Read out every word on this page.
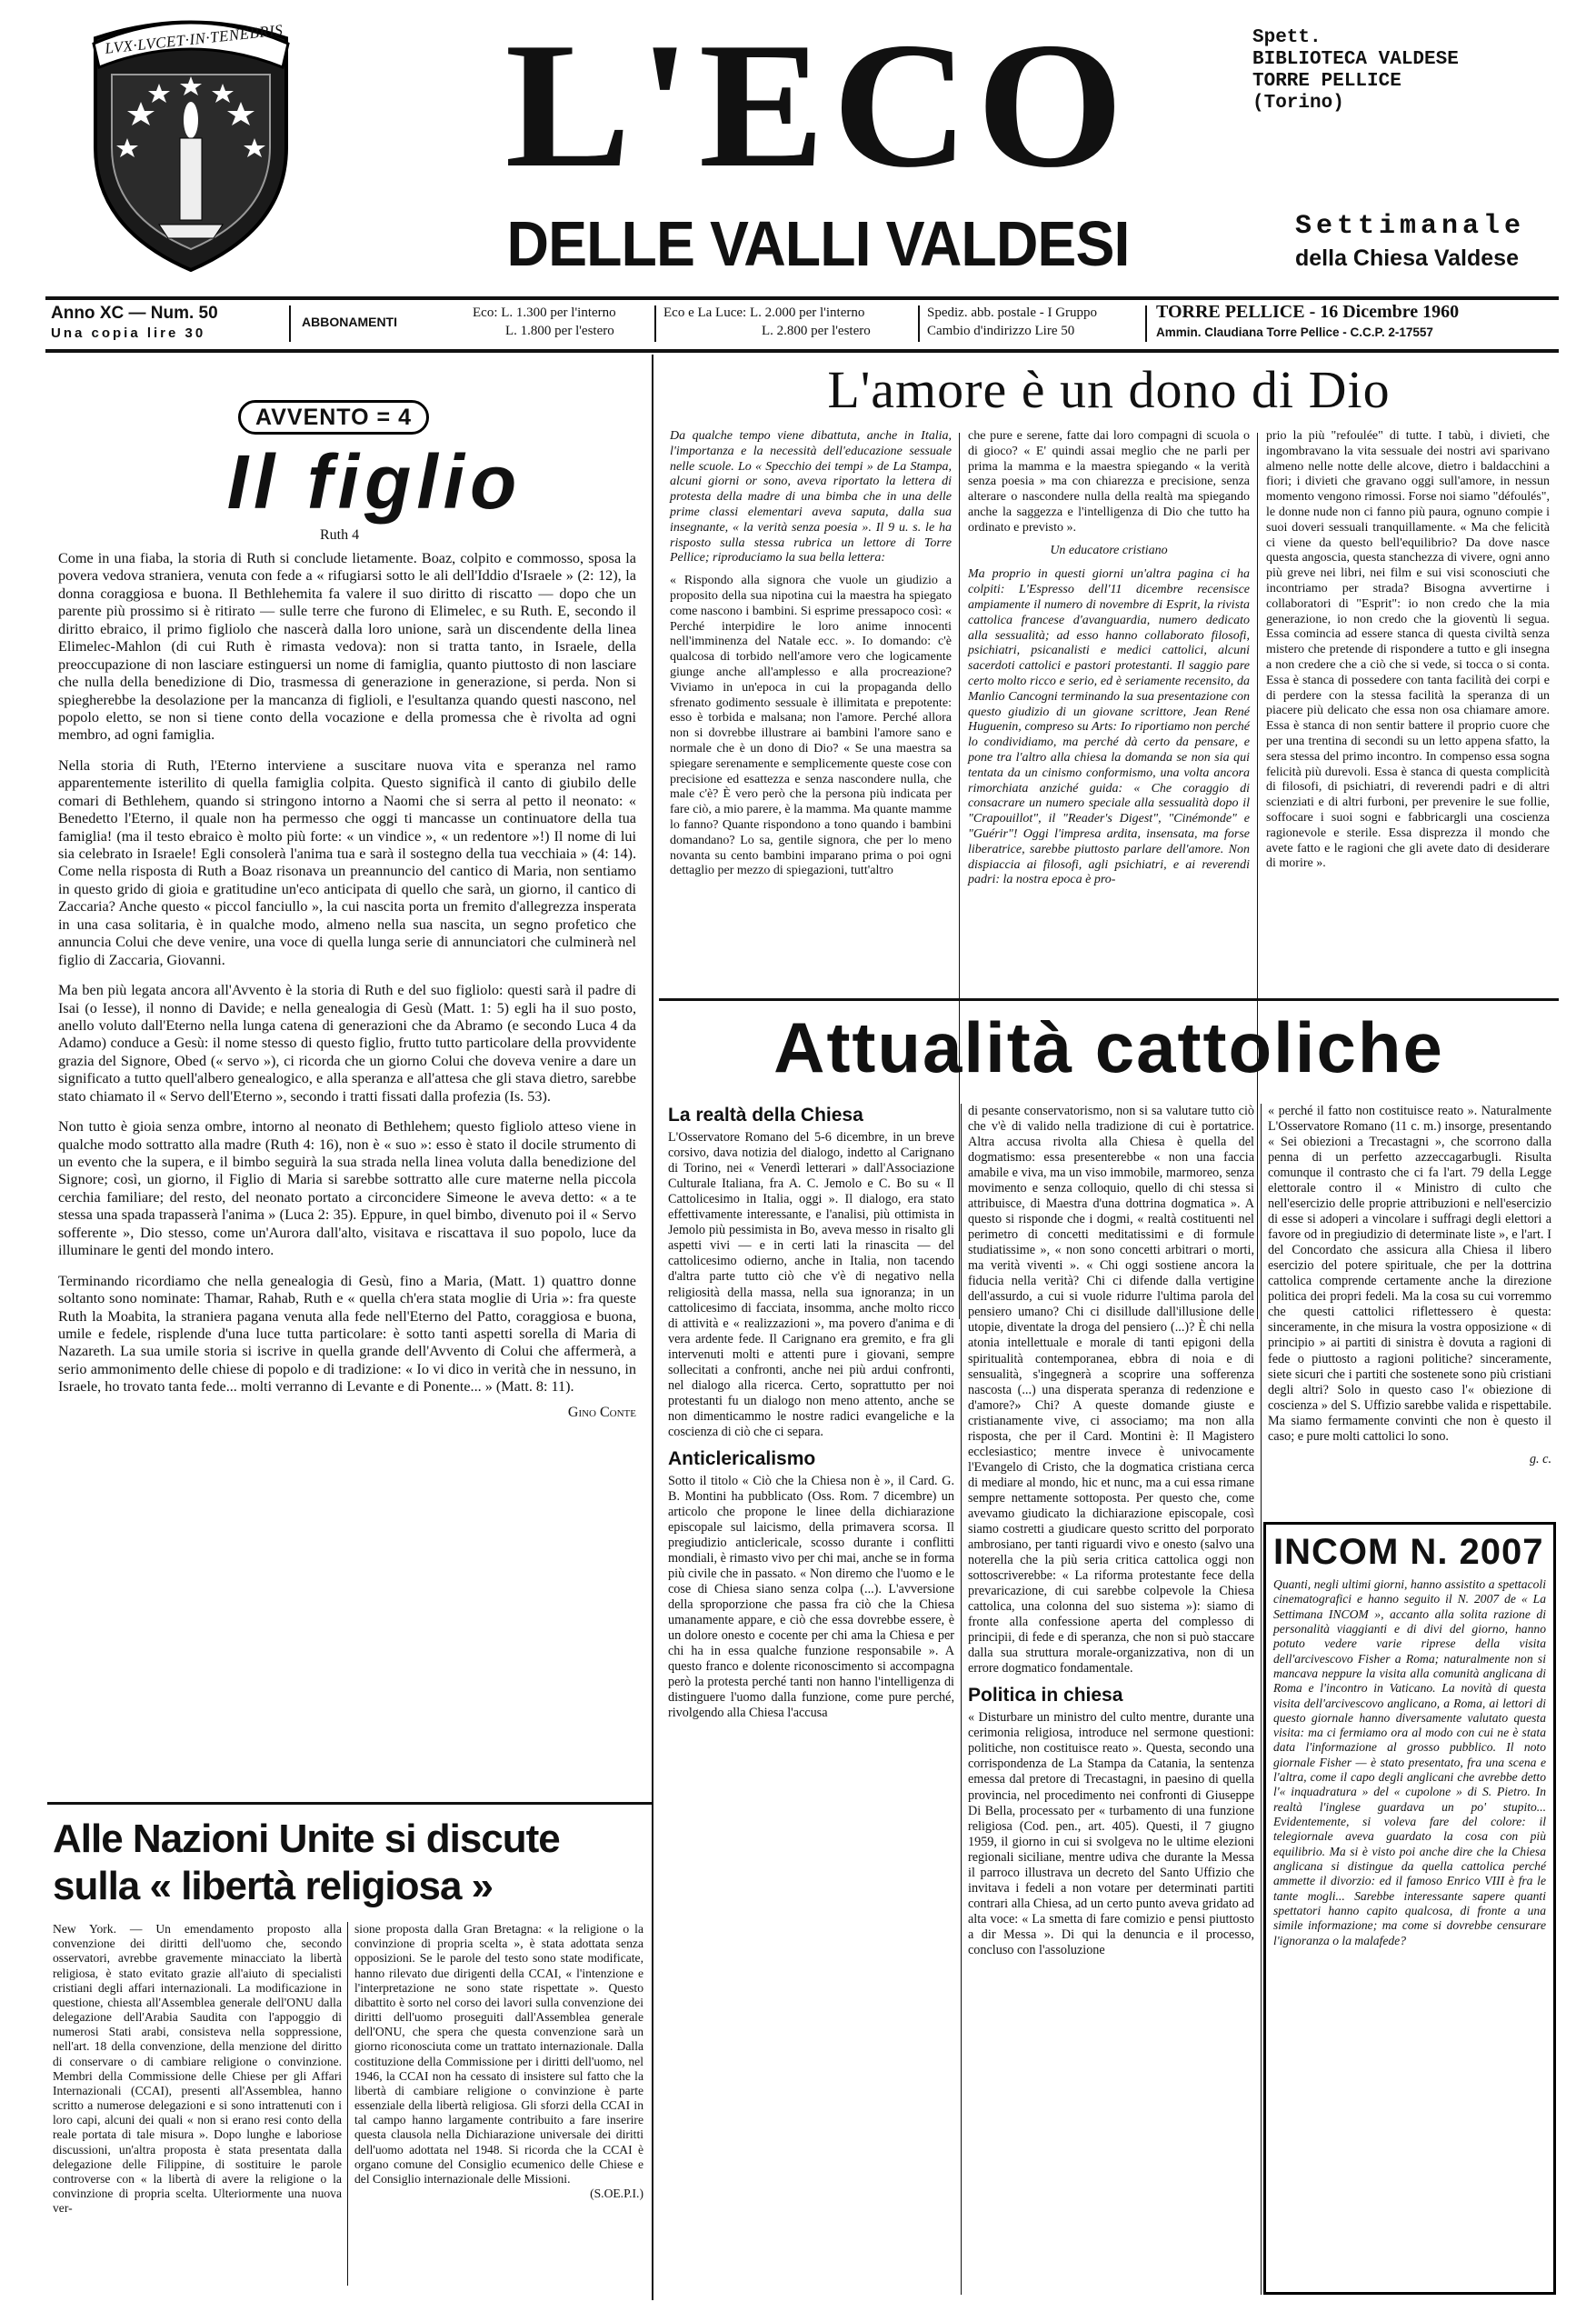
LVX·LVCET·IN·TENEBRIS	L'ECO
DELLE VALLI VALDESI
Spett.
BIBLIOTECA VALDESE
TORRE PELLICE
(Torino)
Settimanale
della Chiesa Valdese
Anno XC — Num. 50
Una copia lire 30
ABBONAMENTI
Eco: L. 1.300 per l'interno
L. 1.800 per l'estero
Eco e La Luce: L. 2.000 per l'interno
L. 2.800 per l'estero
Spediz. abb. postale - I Gruppo
Cambio d'indirizzo Lire 50
TORRE PELLICE - 16 Dicembre 1960
Ammin. Claudiana Torre Pellice - C.C.P. 2-17557
AVVENTO = 4
Il figlio
Ruth 4

Come in una fiaba, la storia di Ruth si conclude lietamente. Boaz, colpito e commosso, sposa la povera vedova straniera, venuta con fede a « rifugiarsi sotto le ali dell'Iddio d'Israele » (2: 12), la donna coraggiosa e buona. Il Bethlehemita fa valere il suo diritto di riscatto — dopo che un parente più prossimo si è ritirato — sulle terre che furono di Elimelec, e su Ruth. E, secondo il diritto ebraico, il primo figliolo che nascerà dalla loro unione, sarà un discendente della linea Elimelec-Mahlon (di cui Ruth è rimasta vedova): non si tratta tanto, in Israele, della preoccupazione di non lasciare estinguersi un nome di famiglia, quanto piuttosto di non lasciare che nulla della benedizione di Dio, trasmessa di generazione in generazione, si perda. Non si spiegherebbe la desolazione per la mancanza di figlioli, e l'esultanza quando questi nascono, nel popolo eletto, se non si tiene conto della vocazione e della promessa che è rivolta ad ogni membro, ad ogni famiglia.

Nella storia di Ruth, l'Eterno interviene a suscitare nuova vita e speranza nel ramo apparentemente isterilito di quella famiglia colpita. Questo significà il canto di giubilo delle comari di Bethlehem, quando si stringono intorno a Naomi che si serra al petto il neonato: « Benedetto l'Eterno, il quale non ha permesso che oggi ti mancasse un continuatore della tua famiglia! (ma il testo ebraico è molto più forte: « un vindice », « un redentore »!) Il nome di lui sia celebrato in Israele! Egli consolerà l'anima tua e sarà il sostegno della tua vecchiaia » (4: 14). Come nella risposta di Ruth a Boaz risonava un preannuncio del cantico di Maria, non sentiamo in questo grido di gioia e gratitudine un'eco anticipata di quello che sarà, un giorno, il cantico di Zaccaria? Anche questo « piccol fanciullo », la cui nascita porta un fremito d'allegrezza insperata in una casa solitaria, è in qualche modo, almeno nella sua nascita, un segno profetico che annuncia Colui che deve venire, una voce di quella lunga serie di annunciatori che culminerà nel figlio di Zaccaria, Giovanni.

Ma ben più legata ancora all'Avvento è la storia di Ruth e del suo figliolo: questi sarà il padre di Isai (o Iesse), il nonno di Davide; e nella genealogia di Gesù (Matt. 1: 5) egli ha il suo posto, anello voluto dall'Eterno nella lunga catena di generazioni che da Abramo (e secondo Luca 4 da Adamo) conduce a Gesù: il nome stesso di questo figlio, frutto tutto particolare della provvidente grazia del Signore, Obed (« servo »), ci ricorda che un giorno Colui che doveva venire a dare un significato a tutto quell'albero genealogico, e alla speranza e all'attesa che gli stava dietro, sarebbe stato chiamato il « Servo dell'Eterno », secondo i tratti fissati dalla profezia (Is. 53).

Non tutto è gioia senza ombre, intorno al neonato di Bethlehem; questo figliolo atteso viene in qualche modo sottratto alla madre (Ruth 4: 16), non è « suo »: esso è stato il docile strumento di un evento che la supera, e il bimbo seguirà la sua strada nella linea voluta dalla benedizione del Signore; così, un giorno, il Figlio di Maria si sarebbe sottratto alle cure materne nella piccola cerchia familiare; del resto, del neonato portato a circoncidere Simeone le aveva detto: « a te stessa una spada trapasserà l'anima » (Luca 2: 35). Eppure, in quel bimbo, divenuto poi il « Servo sofferente », Dio stesso, come un'Aurora dall'alto, visitava e riscattava il suo popolo, luce da illuminare le genti del mondo intero.

Terminando ricordiamo che nella genealogia di Gesù, fino a Maria, (Matt. 1) quattro donne soltanto sono nominate: Thamar, Rahab, Ruth e « quella ch'era stata moglie di Uria »: fra queste Ruth la Moabita, la straniera pagana venuta alla fede nell'Eterno del Patto, coraggiosa e buona, umile e fedele, risplende d'una luce tutta particolare: è sotto tanti aspetti sorella di Maria di Nazareth. La sua umile storia si iscrive in quella grande dell'Avvento di Colui che affermerà, a serio ammonimento delle chiese di popolo e di tradizione: « Io vi dico in verità che in nessuno, in Israele, ho trovato tanta fede... molti verranno di Levante e di Ponente... » (Matt. 8: 11).

Gino Conte
Alle Nazioni Unite si discute
sulla « libertà religiosa »
New York. — Un emendamento proposto alla convenzione dei diritti dell'uomo che, secondo osservatori, avrebbe gravemente minacciato la libertà religiosa, è stato evitato grazie all'aiuto di specialisti cristiani degli affari internazionali. La modificazione in questione, chiesta all'Assemblea generale dell'ONU dalla delegazione dell'Arabia Saudita con l'appoggio di numerosi Stati arabi, consisteva nella soppressione, nell'art. 18 della convenzione, della menzione del diritto di conservare o di cambiare religione o convinzione. Membri della Commissione delle Chiese per gli Affari Internazionali (CCAI), presenti all'Assemblea, hanno scritto a numerose delegazioni e si sono intrattenuti con i loro capi, alcuni dei quali « non si erano resi conto della reale portata di tale misura ». Dopo lunghe e laboriose discussioni, un'altra proposta è stata presentata dalla delegazione delle Filippine, di sostituire le parole controverse con « la libertà di avere la religione o la convinzione di propria scelta. Ulteriormente una nuova ver-
sione proposta dalla Gran Bretagna: « la religione o la convinzione di propria scelta », è stata adottata senza opposizioni. Se le parole del testo sono state modificate, hanno rilevato due dirigenti della CCAI, « l'intenzione e l'interpretazione ne sono state rispettate ». Questo dibattito è sorto nel corso dei lavori sulla convenzione dei diritti dell'uomo proseguiti dall'Assemblea generale dell'ONU, che spera che questa convenzione sarà un giorno riconosciuta come un trattato internazionale. Dalla costituzione della Commissione per i diritti dell'uomo, nel 1946, la CCAI non ha cessato di insistere sul fatto che la libertà di cambiare religione o convinzione è parte essenziale della libertà religiosa. Gli sforzi della CCAI in tal campo hanno largamente contribuito a fare inserire questa clausola nella Dichiarazione universale dei diritti dell'uomo adottata nel 1948. Si ricorda che la CCAI è organo comune del Consiglio ecumenico delle Chiese e del Consiglio internazionale delle Missioni.
(S.OE.P.I.)
L'amore è un dono di Dio

Da qualche tempo viene dibattuta, anche in Italia, l'importanza e la necessità dell'educazione sessuale nelle scuole. Lo « Specchio dei tempi » de La Stampa, alcuni giorni or sono, aveva riportato la lettera di protesta della madre di una bimba che in una delle prime classi elementari aveva saputa, dalla sua insegnante, « la verità senza poesia ». Il 9 u. s. le ha risposto sulla stessa rubrica un lettore di Torre Pellice; riproduciamo la sua bella lettera:

« Rispondo alla signora che vuole un giudizio a proposito della sua nipotina cui la maestra ha spiegato come nascono i bambini. Si esprime pressapoco così: « Perché interpidire le loro anime innocenti nell'imminenza del Natale ecc. ». Io domando: c'è qualcosa di torbido nell'amore vero che logicamente giunge anche all'amplesso e alla procreazione? Viviamo in un'epoca in cui la propaganda dello sfrenato godimento sessuale è illimitata e prepotente: esso è torbida e malsana; non l'amore. Perché allora non si dovrebbe illustrare ai bambini l'amore sano e normale che è un dono di Dio? « Se una maestra sa spiegare serenamente e semplicemente queste cose con precisione ed esattezza e senza nascondere nulla, che male c'è? È vero però che la persona più indicata per fare ciò, a mio parere, è la mamma. Ma quante mamme lo fanno? Quante rispondono a tono quando i bambini domandano? Lo sa, gentile signora, che per lo meno novanta su cento bambini imparano prima o poi ogni dettaglio per mezzo di spiegazioni, tutt'altro

che pure e serene, fatte dai loro compagni di scuola o di gioco? « E' quindi assai meglio che ne parli per prima la mamma e la maestra spiegando « la verità senza poesia » ma con chiarezza e precisione, senza alterare o nascondere nulla della realtà ma spiegando anche la saggezza e l'intelligenza di Dio che tutto ha ordinato e previsto ».

Un educatore cristiano

Ma proprio in questi giorni un'altra pagina ci ha colpiti: L'Espresso dell'11 dicembre recensisce ampiamente il numero di novembre di Esprit, la rivista cattolica francese d'avanguardia, numero dedicato alla sessualità; ad esso hanno collaborato filosofi, psichiatri, psicanalisti e medici cattolici, alcuni sacerdoti cattolici e pastori protestanti. Il saggio pare certo molto ricco e serio, ed è seriamente recensito, da Manlio Cancogni terminando la sua presentazione con questo giudizio di un giovane scrittore, Jean René Huguenin, compreso su Arts: Io riportiamo non perché lo condividiamo, ma perché dà certo da pensare, e pone tra l'altro alla chiesa la domanda se non sia qui tentata da un cinismo conformismo, una volta ancora rimorchiata anziché guida: « Che coraggio di consacrare un numero speciale alla sessualità dopo il "Crapouillot", il "Reader's Digest", "Cinémonde" e "Guérir"! Oggi l'impresa ardita, insensata, ma forse liberatrice, sarebbe piuttosto parlare dell'amore. Non dispiaccia ai filosofi, agli psichiatri, e ai reverendi padri: la nostra epoca è pro-

prio la più "refoulée" di tutte. I tabù, i divieti, che ingombravano la vita sessuale dei nostri avi sparivano almeno nelle notte delle alcove, dietro i baldacchini a fiori; i divieti che gravano oggi sull'amore, in nessun momento vengono rimossi. Forse noi siamo "défoulés", le donne nude non ci fanno più paura, ognuno compie i suoi doveri sessuali tranquillamente. « Ma che felicità ci viene da questo bell'equilibrio? Da dove nasce questa angoscia, questa stanchezza di vivere, ogni anno più greve nei libri, nei film e sui visi sconosciuti che incontriamo per strada? Bisogna avvertirne i collaboratori di "Esprit": io non credo che la mia generazione, io non credo che la gioventù li segua. Essa comincia ad essere stanca di questa civiltà senza mistero che pretende di rispondere a tutto e gli insegna a non credere che a ciò che si vede, si tocca o si conta. Essa è stanca di possedere con tanta facilità dei corpi e di perdere con la stessa facilità la speranza di un piacere più delicato che essa non osa chiamare amore. Essa è stanca di non sentir battere il proprio cuore che per una trentina di secondi su un letto appena sfatto, la sera stessa del primo incontro. In compenso essa sogna felicità più durevoli. Essa è stanca di questa complicità di filosofi, di psichiatri, di reverendi padri e di altri scienziati e di altri furboni, per prevenire le sue follie, soffocare i suoi sogni e fabbricargli una coscienza ragionevole e sterile. Essa disprezza il mondo che avete fatto e le ragioni che gli avete dato di desiderare di morire ».
Attualità cattoliche
La realtà della Chiesa

L'Osservatore Romano del 5-6 dicembre, in un breve corsivo, dava notizia del dialogo, indetto al Carignano di Torino, nei « Venerdì letterari » dall'Associazione Culturale Italiana, fra A. C. Jemolo e C. Bo su « Il Cattolicesimo in Italia, oggi ». Il dialogo, era stato effettivamente interessante, e l'analisi, più ottimista in Jemolo più pessimista in Bo, aveva messo in risalto gli aspetti vivi — e in certi lati la rinascita — del cattolicesimo odierno, anche in Italia, non tacendo d'altra parte tutto ciò che v'è di negativo nella religiosità della massa, nella sua ignoranza; in un cattolicesimo di facciata, insomma, anche molto ricco di attività e « realizzazioni », ma povero d'anima e di vera ardente fede. Il Carignano era gremito, e fra gli intervenuti molti e attenti pure i giovani, sempre sollecitati a confronti, anche nei più ardui confronti, nel dialogo alla ricerca. Certo, soprattutto per noi protestanti fu un dialogo non meno attento, anche se non dimenticammo le nostre radici evangeliche e la coscienza di ciò che ci separa.

Anticlericalismo

Sotto il titolo « Ciò che la Chiesa non è », il Card. G. B. Montini ha pubblicato (Oss. Rom. 7 dicembre) un articolo che propone le linee della dichiarazione episcopale sul laicismo, della primavera scorsa. Il pregiudizio anticlericale, scosso durante i conflitti mondiali, è rimasto vivo per chi mai, anche se in forma più civile che in passato. « Non diremo che l'uomo e le cose di Chiesa siano senza colpa (...). L'avversione della sproporzione che passa fra ciò che la Chiesa umanamente appare, e ciò che essa dovrebbe essere, è un dolore onesto e cocente per chi ama la Chiesa e per chi ha in essa qualche funzione responsabile ». A questo franco e dolente riconoscimento si accompagna però la protesta perché tanti non hanno l'intelligenza di distinguere l'uomo dalla funzione, come pure perché, rivolgendo alla Chiesa l'accusa

di pesante conservatorismo, non si sa valutare tutto ciò che v'è di valido nella tradizione di cui è portatrice. Altra accusa rivolta alla Chiesa è quella del dogmatismo: essa presenterebbe « non una faccia amabile e viva, ma un viso immobile, marmoreo, senza movimento e senza colloquio, quello di chi stessa si attribuisce, di Maestra d'una dottrina dogmatica ». A questo si risponde che i dogmi, « realtà costituenti nel perimetro di concetti meditatissimi e di formule studiatissime », « non sono concetti arbitrari o morti, ma verità viventi ». « Chi oggi sostiene ancora la fiducia nella verità? Chi ci difende dalla vertigine dell'assurdo, a cui si vuole ridurre l'ultima parola del pensiero umano? Chi ci disillude dall'illusione delle utopie, diventate la droga del pensiero (...)? È chi nella atonia intellettuale e morale di tanti epigoni della spiritualità contemporanea, ebbra di noia e di sensualità, s'ingegnerà a scoprire una sofferenza nascosta (...) una disperata speranza di redenzione e d'amore?» Chi? A queste domande giuste e cristianamente vive, ci associamo; ma non alla risposta, che per il Card. Montini è: Il Magistero ecclesiastico; mentre invece è univocamente l'Evangelo di Cristo, che la dogmatica cristiana cerca di mediare al mondo, hic et nunc, ma a cui essa rimane sempre nettamente sottoposta. Per questo che, come avevamo giudicato la dichiarazione episcopale, così siamo costretti a giudicare questo scritto del porporato ambrosiano, per tanti riguardi vivo e onesto (salvo una noterella che la più seria critica cattolica oggi non sottoscriverebbe: « La riforma protestante fece della prevaricazione, di cui sarebbe colpevole la Chiesa cattolica, una colonna del suo sistema »): siamo di fronte alla confessione aperta del complesso di principii, di fede e di speranza, che non si può staccare dalla sua struttura morale-organizzativa, non di un errore dogmatico fondamentale.

Politica in chiesa

« Disturbare un ministro del culto mentre, durante una cerimonia religiosa, introduce nel sermone questioni: politiche, non costituisce reato ». Questa, secondo una corrispondenza de La Stampa da Catania, la sentenza emessa dal pretore di Trecastagni, in paesino di quella provincia, nel procedimento nei confronti di Giuseppe Di Bella, processato per « turbamento di una funzione religiosa (Cod. pen., art. 405). Questi, il 7 giugno 1959, il giorno in cui si svolgeva no le ultime elezioni regionali siciliane, mentre udiva che durante la Messa il parroco illustrava un decreto del Santo Uffizio che invitava i fedeli a non votare per determinati partiti contrari alla Chiesa, ad un certo punto aveva gridato ad alta voce: « La smetta di fare comizio e pensi piuttosto a dir Messa ». Di qui la denuncia e il processo, concluso con l'assoluzione

« perché il fatto non costituisce reato ». Naturalmente L'Osservatore Romano (11 c. m.) insorge, presentando « Sei obiezioni a Trecastagni », che scorrono dalla penna di un perfetto azzeccagarbugli. Risulta comunque il contrasto che ci fa l'art. 79 della Legge elettorale contro il « Ministro di culto che nell'esercizio delle proprie attribuzioni e nell'esercizio di esse si adoperi a vincolare i suffragi degli elettori a favore od in pregiudizio di determinate liste », e l'art. I del Concordato che assicura alla Chiesa il libero esercizio del potere spirituale, che per la dottrina cattolica comprende certamente anche la direzione politica dei propri fedeli. Ma la cosa su cui vorremmo che questi cattolici riflettessero è questa: sinceramente, in che misura la vostra opposizione « di principio » ai partiti di sinistra è dovuta a ragioni di fede o piuttosto a ragioni politiche? sinceramente, siete sicuri che i partiti che sostenete sono più cristiani degli altri? Solo in questo caso l'« obiezione di coscienza » del S. Uffizio sarebbe valida e rispettabile. Ma siamo fermamente convinti che non è questo il caso; e pure molti cattolici lo sono.

g. c.
INCOM N. 2007
Quanti, negli ultimi giorni, hanno assistito a spettacoli cinematografici e hanno seguito il N. 2007 de « La Settimana INCOM », accanto alla solita razione di personalità viaggianti e di divi del giorno, hanno potuto vedere varie riprese della visita dell'arcivescovo Fisher a Roma; naturalmente non si mancava neppure la visita alla comunità anglicana di Roma e l'incontro in Vaticano. La novità di questa visita dell'arcivescovo anglicano, a Roma, ai lettori di questo giornale hanno diversamente valutato questa visita: ma ci fermiamo ora al modo con cui ne è stata data l'informazione al grosso pubblico. Il noto giornale Fisher — è stato presentato, fra una scena e l'altra, come il capo degli anglicani che avrebbe detto l'« inquadratura » del « cupolone » di S. Pietro. In realtà l'inglese guardava un po' stupito... Evidentemente, si voleva fare del colore: il telegiornale aveva guardato la cosa con più equilibrio. Ma si è visto poi anche dire che la Chiesa anglicana si distingue da quella cattolica perché ammette il divorzio: ed il famoso Enrico VIII è fra le tante mogli... Sarebbe interessante sapere quanti spettatori hanno capito qualcosa, di fronte a una simile informazione; ma come si dovrebbe censurare l'ignoranza o la malafede?
